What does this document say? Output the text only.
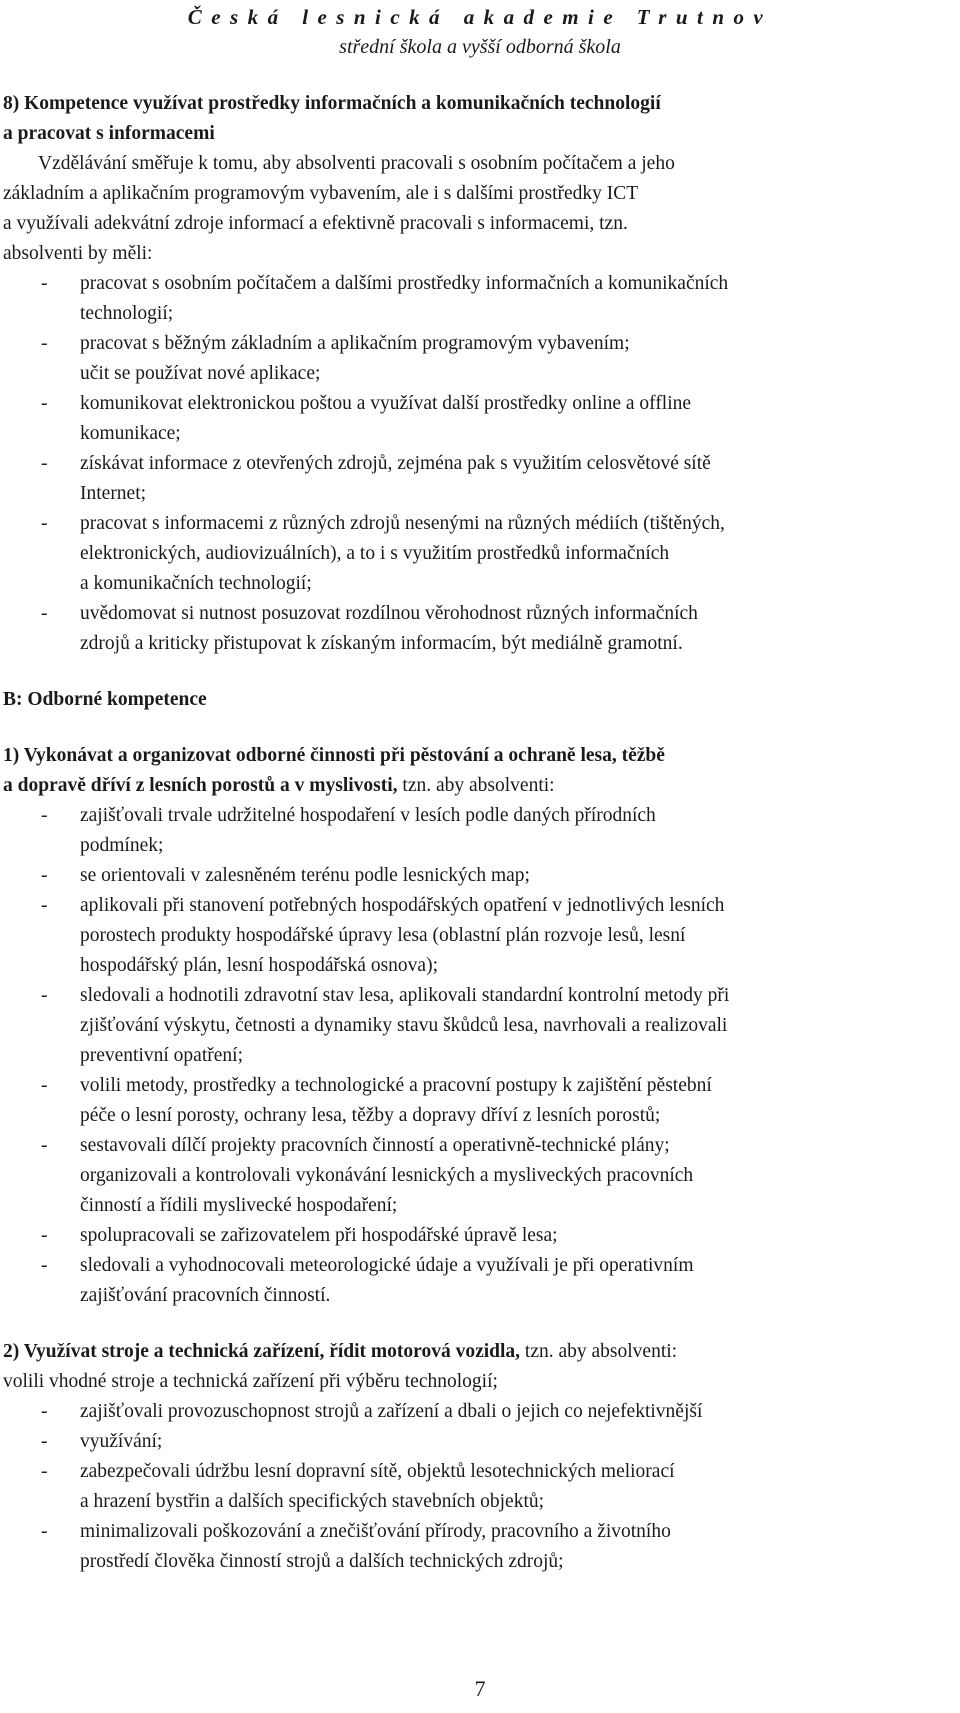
Česká lesnická akademie Trutnov
střední škola a vyšší odborná škola
8) Kompetence využívat prostředky informačních a komunikačních technologií
a pracovat s informacemi
Vzdělávání směřuje k tomu, aby absolventi pracovali s osobním počítačem a jeho
základním a aplikačním programovým vybavením, ale i s dalšími prostředky ICT
a využívali adekvátní zdroje informací a efektivně pracovali s informacemi, tzn.
absolventi by měli:
- pracovat s osobním počítačem a dalšími prostředky informačních a komunikačních
technologií;
- pracovat s běžným základním a aplikačním programovým vybavením;
učit se používat nové aplikace;
- komunikovat elektronickou poštou a využívat další prostředky online a offline
komunikace;
- získávat informace z otevřených zdrojů, zejména pak s využitím celosvětové sítě
Internet;
- pracovat s informacemi z různých zdrojů nesenými na různých médiích (tištěných,
elektronických, audiovizuálních), a to i s využitím prostředků informačních
a komunikačních technologií;
- uvědomovat si nutnost posuzovat rozdílnou věrohodnost různých informačních
zdrojů a kriticky přistupovat k získaným informacím, být mediálně gramotní.
B: Odborné kompetence
1) Vykonávat a organizovat odborné činnosti při pěstování a ochraně lesa, těžbě
a dopravě dříví z lesních porostů a v myslivosti, tzn. aby absolventi:
- zajišťovali trvale udržitelné hospodaření v lesích podle daných přírodních
podmínek;
- se orientovali v zalesněném terénu podle lesnických map;
- aplikovali při stanovení potřebných hospodářských opatření v jednotlivých lesních
porostech produkty hospodářské úpravy lesa (oblastní plán rozvoje lesů, lesní
hospodářský plán, lesní hospodářská osnova);
- sledovali a hodnotili zdravotní stav lesa, aplikovali standardní kontrolní metody při
zjišťování výskytu, četnosti a dynamiky stavu škůdců lesa, navrhovali a realizovali
preventivní opatření;
- volili metody, prostředky a technologické a pracovní postupy k zajištění pěstební
péče o lesní porosty, ochrany lesa, těžby a dopravy dříví z lesních porostů;
- sestavovali dílčí projekty pracovních činností a operativně-technické plány;
organizovali a kontrolovali vykonávání lesnických a mysliveckých pracovních
činností a řídili myslivecké hospodaření;
- spolupracovali se zařizovatelem při hospodářské úpravě lesa;
- sledovali a vyhodnocovali meteorologické údaje a využívali je při operativním
zajišťování pracovních činností.
2) Využívat stroje a technická zařízení, řídit motorová vozidla, tzn. aby absolventi:
volili vhodné stroje a technická zařízení při výběru technologií;
- zajišťovali provozuschopnost strojů a zařízení a dbali o jejich co nejefektivnější
- využívání;
- zabezpečovali údržbu lesní dopravní sítě, objektů lesotechnických meliorací
a hrazení bystřin a dalších specifických stavebních objektů;
- minimalizovali poškozování a znečišťování přírody, pracovního a životního
prostředí člověka činností strojů a dalších technických zdrojů;
7
